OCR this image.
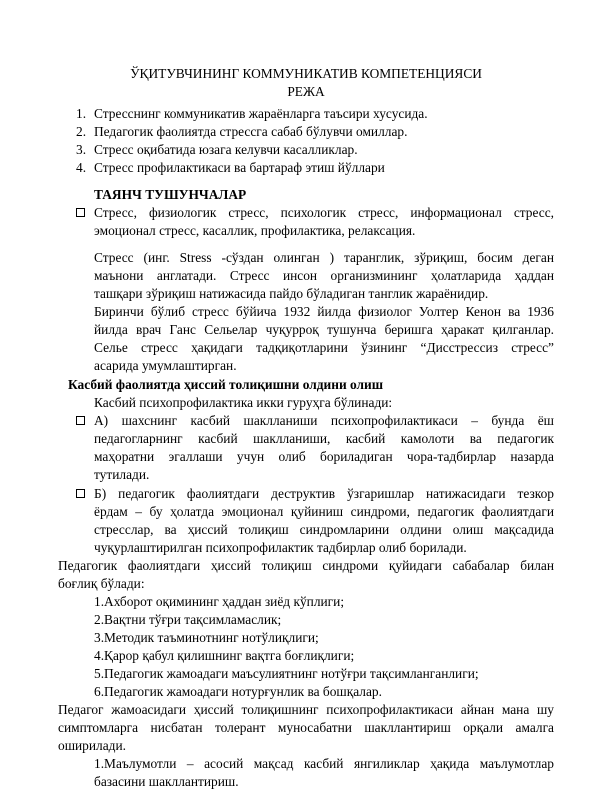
ЎҚИТУВЧИНИНГ КОММУНИКАТИВ КОМПЕТЕНЦИЯСИ
РЕЖА
1. Стресснинг коммуникатив жараёнларга таъсири хусусида.
2. Педагогик фаолиятда стрессга сабаб бўлувчи омиллар.
3. Стресс оқибатида юзага келувчи касалликлар.
4. Стресс профилактикаси ва бартараф этиш йўллари
ТАЯНЧ ТУШУНЧАЛАР
Стресс, физиологик стресс, психологик стресс, информационал стресс,
эмоционал стресс, касаллик, профилактика, релаксация.
Стресс (инг. Stress -сўздан олинган ) таранглик, зўриқиш, босим деган
маънони англатади. Стресс инсон организмининг ҳолатларида ҳаддан
ташқари зўриқиш натижасида пайдо бўладиган танглик жараёнидир.
Биринчи бўлиб стресс бўйича 1932 йилда физиолог Уолтер Кенон ва 1936
йилда врач Ганс Сельелар чуқурроқ тушунча беришга ҳаракат қилганлар.
Селье стресс ҳақидаги тадқиқотларини ўзининг “Дисстрессиз стресс”
асарида умумлаштирган.
Касбий фаолиятда ҳиссий толиқишни олдини олиш
Касбий психопрофилактика икки гуруҳга бўлинади:
А) шахснинг касбий шаклланиши психопрофилактикаси – бунда ёш
педагогларнинг касбий шаклланиши, касбий камолоти ва педагогик
маҳоратни эгаллаши учун олиб бориладиган чора-тадбирлар назарда
тутилади.
Б) педагогик фаолиятдаги деструктив ўзгаришлар натижасидаги тезкор
ёрдам – бу ҳолатда эмоционал қуйиниш синдроми, педагогик фаолиятдаги
стресслар, ва ҳиссий толиқиш синдромларини олдини олиш мақсадида
чуқурлаштирилган психопрофилактик тадбирлар олиб борилади.
Педагогик фаолиятдаги ҳиссий толиқиш синдроми қуйидаги сабабалар билан
боғлиқ бўлади:
1.Ахборот оқимининг ҳаддан зиёд кўплиги;
2.Вақтни тўғри тақсимламаслик;
3.Методик таъминотнинг нотўлиқлиги;
4.Қарор қабул қилишнинг вақтга боғлиқлиги;
5.Педагогик жамоадаги маъсулиятнинг нотўғри тақсимланганлиги;
6.Педагогик жамоадаги нотурғунлик ва бошқалар.
Педагог жамоасидаги ҳиссий толиқишнинг психопрофилактикаси айнан мана шу
симптомларга нисбатан толерант муносабатни шакллантириш орқали амалга
оширилади.
1.Маълумотли – асосий мақсад касбий янгиликлар ҳақида маълумотлар
базасини шакллантириш.
